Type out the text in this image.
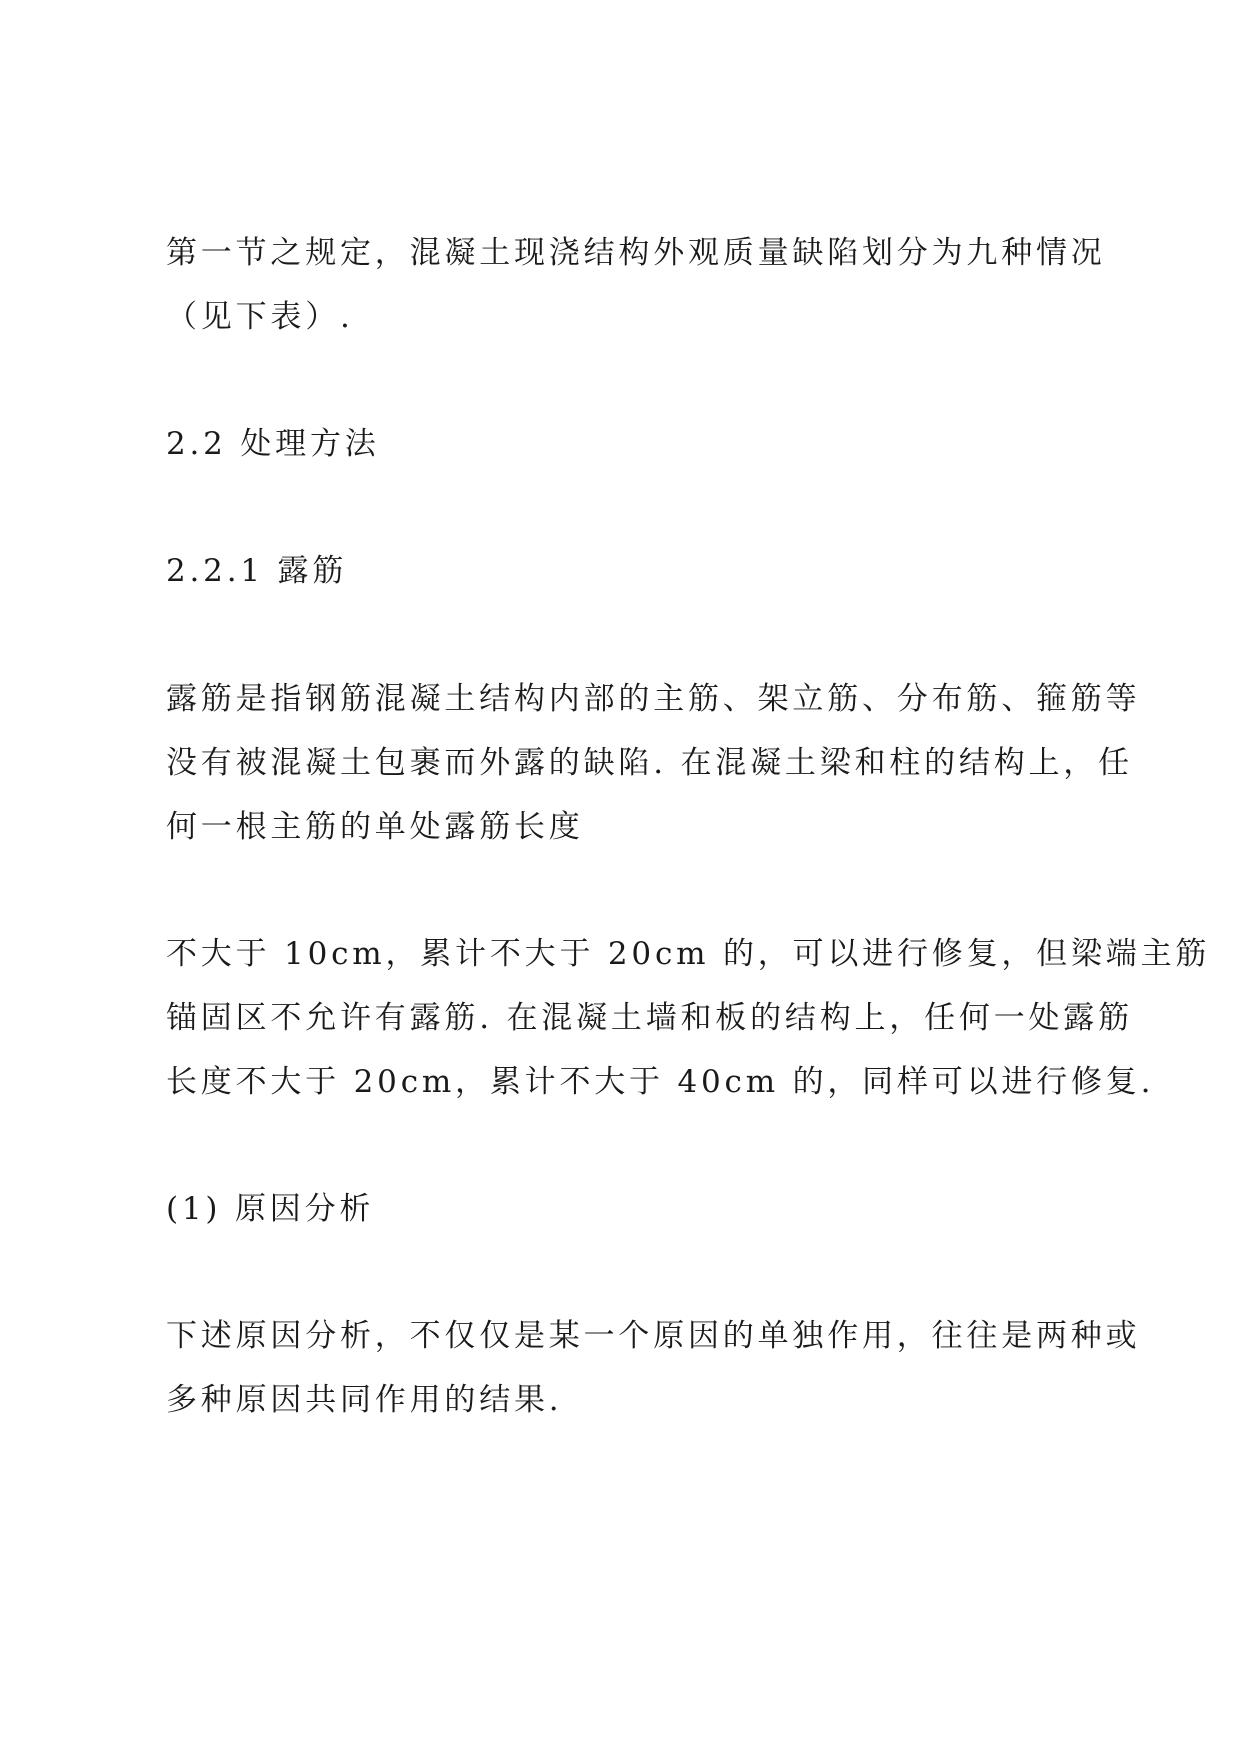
第一节之规定，混凝土现浇结构外观质量缺陷划分为九种情况
（见下表）.
2.2 处理方法
2.2.1 露筋
露筋是指钢筋混凝土结构内部的主筋、架立筋、分布筋、箍筋等
没有被混凝土包裹而外露的缺陷. 在混凝土梁和柱的结构上，任
何一根主筋的单处露筋长度
不大于 10cm，累计不大于 20cm 的，可以进行修复，但梁端主筋
锚固区不允许有露筋. 在混凝土墙和板的结构上，任何一处露筋
长度不大于 20cm，累计不大于 40cm 的，同样可以进行修复.
(1) 原因分析
下述原因分析，不仅仅是某一个原因的单独作用，往往是两种或
多种原因共同作用的结果.
